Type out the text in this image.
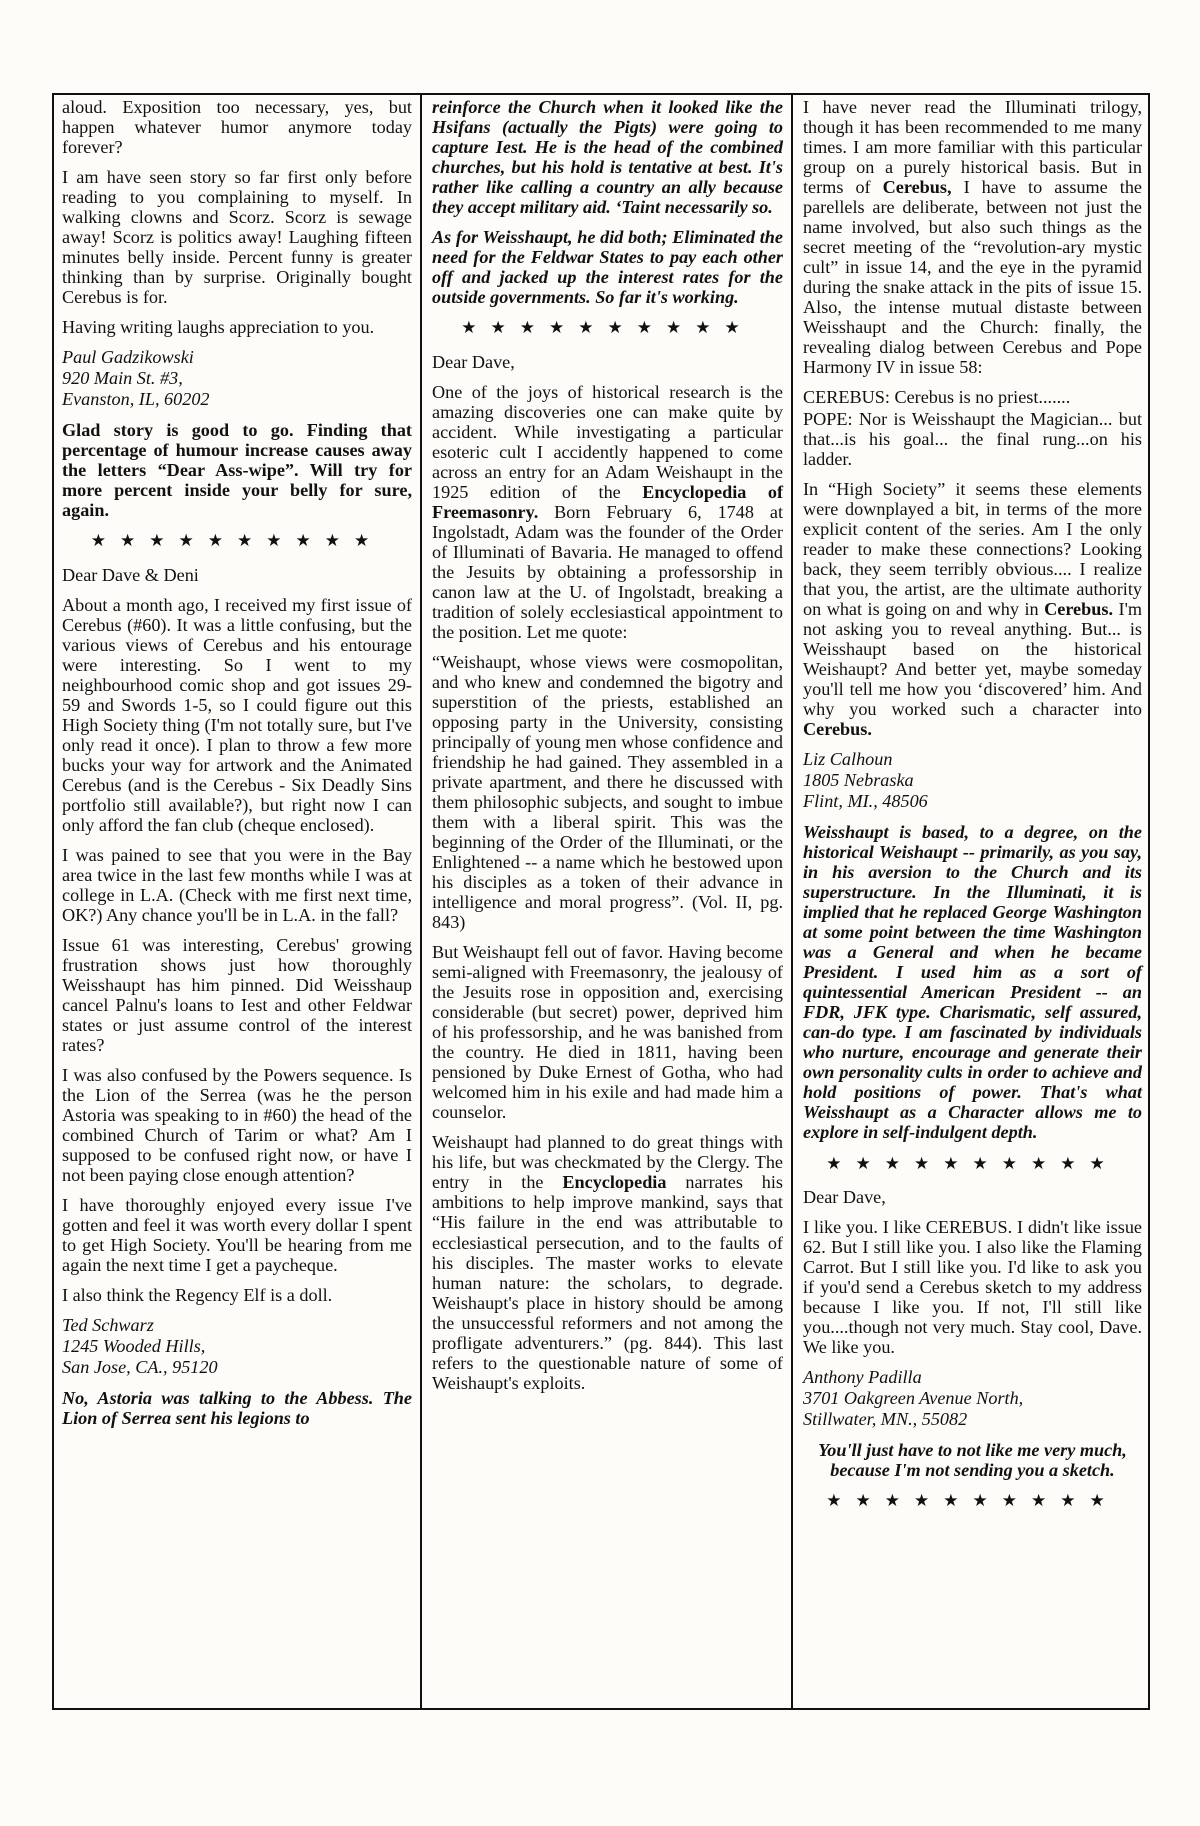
aloud. Exposition too necessary, yes, but happen whatever humor anymore today forever?

I am have seen story so far first only before reading to you complaining to myself. In walking clowns and Scorz. Scorz is sewage away! Scorz is politics away! Laughing fifteen minutes belly inside. Percent funny is greater thinking than by surprise. Originally bought Cerebus is for.

Having writing laughs appreciation to you.

Paul Gadzikowski
920 Main St. #3,
Evanston, IL, 60202

Glad story is good to go. Finding that percentage of humour increase causes away the letters “Dear Ass-wipe”. Will try for more percent inside your belly for sure, again.

★★★★★★★★★★

Dear Dave & Deni

About a month ago, I received my first issue of Cerebus (#60). It was a little confusing, but the various views of Cerebus and his entourage were interesting. So I went to my neighbourhood comic shop and got issues 29-59 and Swords 1-5, so I could figure out this High Society thing (I'm not totally sure, but I've only read it once). I plan to throw a few more bucks your way for artwork and the Animated Cerebus (and is the Cerebus - Six Deadly Sins portfolio still available?), but right now I can only afford the fan club (cheque enclosed).

I was pained to see that you were in the Bay area twice in the last few months while I was at college in L.A. (Check with me first next time, OK?) Any chance you'll be in L.A. in the fall?

Issue 61 was interesting, Cerebus' growing frustration shows just how thoroughly Weisshaupt has him pinned. Did Weisshaup cancel Palnu's loans to Iest and other Feldwar states or just assume control of the interest rates?

I was also confused by the Powers sequence. Is the Lion of the Serrea (was he the person Astoria was speaking to in #60) the head of the combined Church of Tarim or what? Am I supposed to be confused right now, or have I not been paying close enough attention?

I have thoroughly enjoyed every issue I've gotten and feel it was worth every dollar I spent to get High Society. You'll be hearing from me again the next time I get a paycheque.

I also think the Regency Elf is a doll.

Ted Schwarz
1245 Wooded Hills,
San Jose, CA., 95120

No, Astoria was talking to the Abbess. The Lion of Serrea sent his legions to

reinforce the Church when it looked like the Hsifans (actually the Pigts) were going to capture Iest. He is the head of the combined churches, but his hold is tentative at best. It's rather like calling a country an ally because they accept military aid. ‘Taint necessarily so.

As for Weisshaupt, he did both; Eliminated the need for the Feldwar States to pay each other off and jacked up the interest rates for the outside governments. So far it's working.

★★★★★★★★★★

Dear Dave,

One of the joys of historical research is the amazing discoveries one can make quite by accident. While investigating a particular esoteric cult I accidently happened to come across an entry for an Adam Weishaupt in the 1925 edition of the Encyclopedia of Freemasonry. Born February 6, 1748 at Ingolstadt, Adam was the founder of the Order of Illuminati of Bavaria. He managed to offend the Jesuits by obtaining a professorship in canon law at the U. of Ingolstadt, breaking a tradition of solely ecclesiastical appointment to the position. Let me quote:

“Weishaupt, whose views were cosmopolitan, and who knew and condemned the bigotry and superstition of the priests, established an opposing party in the University, consisting principally of young men whose confidence and friendship he had gained. They assembled in a private apartment, and there he discussed with them philosophic subjects, and sought to imbue them with a liberal spirit. This was the beginning of the Order of the Illuminati, or the Enlightened -- a name which he bestowed upon his disciples as a token of their advance in intelligence and moral progress”. (Vol. II, pg. 843)

But Weishaupt fell out of favor. Having become semi-aligned with Freemasonry, the jealousy of the Jesuits rose in opposition and, exercising considerable (but secret) power, deprived him of his professorship, and he was banished from the country. He died in 1811, having been pensioned by Duke Ernest of Gotha, who had welcomed him in his exile and had made him a counselor.

Weishaupt had planned to do great things with his life, but was checkmated by the Clergy. The entry in the Encyclopedia narrates his ambitions to help improve mankind, says that “His failure in the end was attributable to ecclesiastical persecution, and to the faults of his disciples. The master works to elevate human nature: the scholars, to degrade. Weishaupt's place in history should be among the unsuccessful reformers and not among the profligate adventurers.” (pg. 844). This last refers to the questionable nature of some of Weishaupt's exploits.

I have never read the Illuminati trilogy, though it has been recommended to me many times. I am more familiar with this particular group on a purely historical basis. But in terms of Cerebus, I have to assume the parellels are deliberate, between not just the name involved, but also such things as the secret meeting of the “revolution-ary mystic cult” in issue 14, and the eye in the pyramid during the snake attack in the pits of issue 15. Also, the intense mutual distaste between Weisshaupt and the Church: finally, the revealing dialog between Cerebus and Pope Harmony IV in issue 58:

CEREBUS: Cerebus is no priest.......

POPE: Nor is Weisshaupt the Magician... but that...is his goal... the final rung...on his ladder.

In “High Society” it seems these elements were downplayed a bit, in terms of the more explicit content of the series. Am I the only reader to make these connections? Looking back, they seem terribly obvious.... I realize that you, the artist, are the ultimate authority on what is going on and why in Cerebus. I'm not asking you to reveal anything. But... is Weisshaupt based on the historical Weishaupt? And better yet, maybe someday you'll tell me how you ‘discovered’ him. And why you worked such a character into Cerebus.

Liz Calhoun
1805 Nebraska
Flint, MI., 48506

Weisshaupt is based, to a degree, on the historical Weishaupt -- primarily, as you say, in his aversion to the Church and its superstructure. In the Illuminati, it is implied that he replaced George Washington at some point between the time Washington was a General and when he became President. I used him as a sort of quintessential American President -- an FDR, JFK type. Charismatic, self assured, can-do type. I am fascinated by individuals who nurture, encourage and generate their own personality cults in order to achieve and hold positions of power. That's what Weisshaupt as a Character allows me to explore in self-indulgent depth.

★★★★★★★★★★

Dear Dave,

I like you. I like CEREBUS. I didn't like issue 62. But I still like you. I also like the Flaming Carrot. But I still like you. I'd like to ask you if you'd send a Cerebus sketch to my address because I like you. If not, I'll still like you....though not very much. Stay cool, Dave. We like you.

Anthony Padilla
3701 Oakgreen Avenue North,
Stillwater, MN., 55082

You'll just have to not like me very much, because I'm not sending you a sketch.

★★★★★★★★★★
